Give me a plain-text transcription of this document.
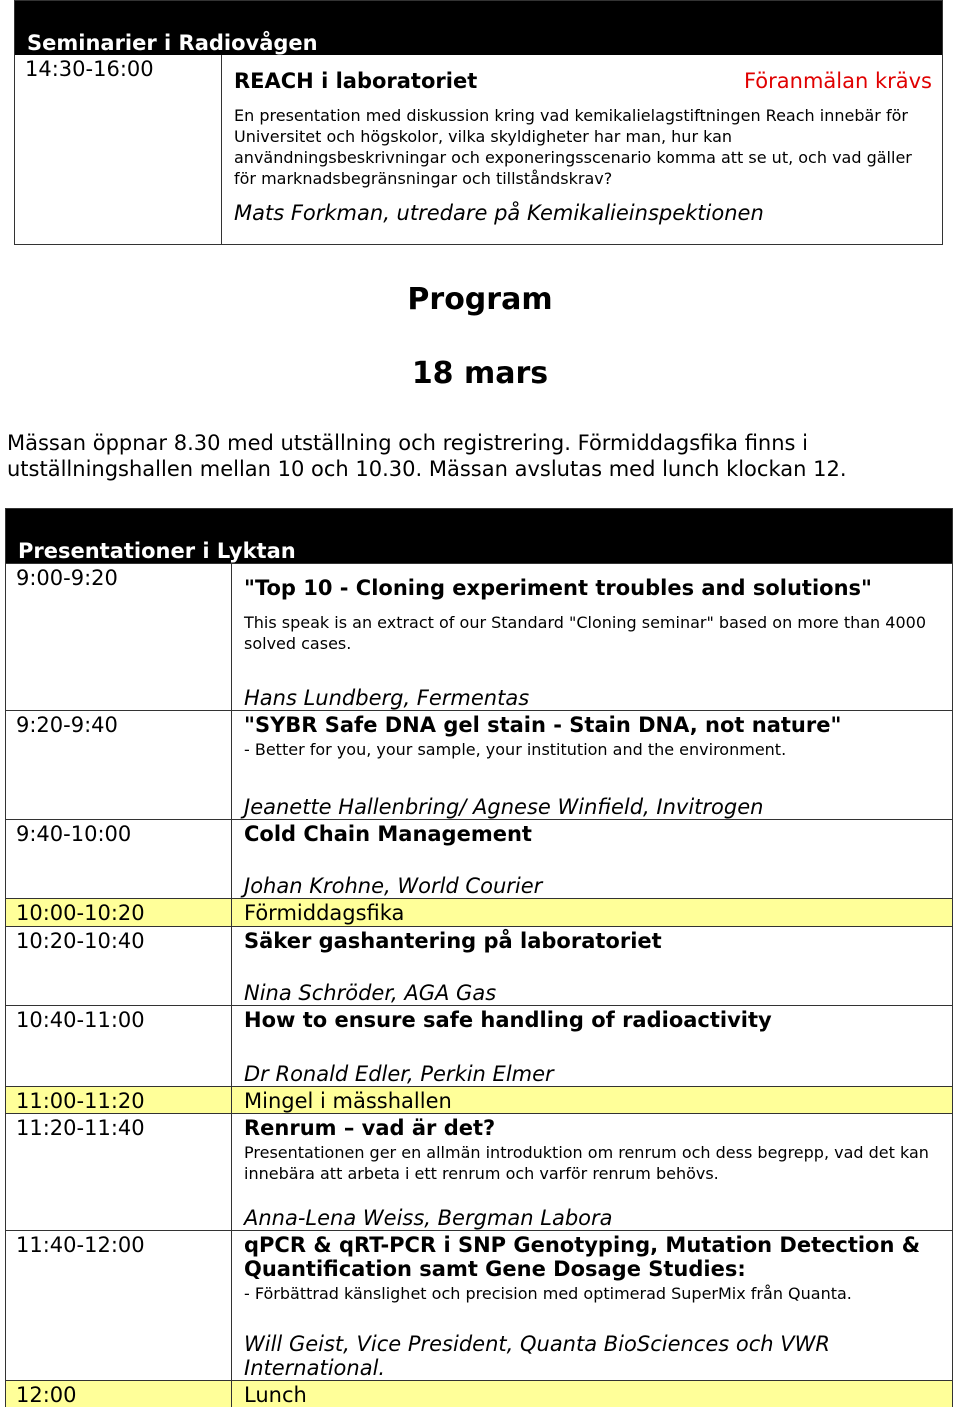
Seminarier i Radiovågen
14:30-16:00	REACH i laboratoriet	Föranmälan krävs
En presentation med diskussion kring vad kemikalielagstiftningen Reach innebär för Universitet och högskolor, vilka skyldigheter har man, hur kan användningsbeskrivningar och exponeringsscenario komma att se ut, och vad gäller för marknadsbegränsningar och tillståndskrav?
Mats Forkman, utredare på Kemikalieinspektionen
Program
18 mars
Mässan öppnar 8.30 med utställning och registrering. Förmiddagsfika finns i utställningshallen mellan 10 och 10.30. Mässan avslutas med lunch klockan 12.
Presentationer i Lyktan
9:00-9:20	"Top 10 - Cloning experiment troubles and solutions"
This speak is an extract of our Standard "Cloning seminar" based on more than 4000 solved cases.
Hans Lundberg, Fermentas
9:20-9:40	"SYBR Safe DNA gel stain - Stain DNA, not nature"
- Better for you, your sample, your institution and the environment.
Jeanette Hallenbring/ Agnese Winfield, Invitrogen
9:40-10:00	Cold Chain Management
Johan Krohne, World Courier
10:00-10:20	Förmiddagsfika
10:20-10:40	Säker gashantering på laboratoriet
Nina Schröder, AGA Gas
10:40-11:00	How to ensure safe handling of radioactivity
Dr Ronald Edler, Perkin Elmer
11:00-11:20	Mingel i mässhallen
11:20-11:40	Renrum – vad är det?
Presentationen ger en allmän introduktion om renrum och dess begrepp, vad det kan innebära att arbeta i ett renrum och varför renrum behövs.
Anna-Lena Weiss, Bergman Labora
11:40-12:00	qPCR & qRT-PCR i SNP Genotyping, Mutation Detection & Quantification samt Gene Dosage Studies:
- Förbättrad känslighet och precision med optimerad SuperMix från Quanta.
Will Geist, Vice President, Quanta BioSciences och VWR International.
12:00	Lunch
